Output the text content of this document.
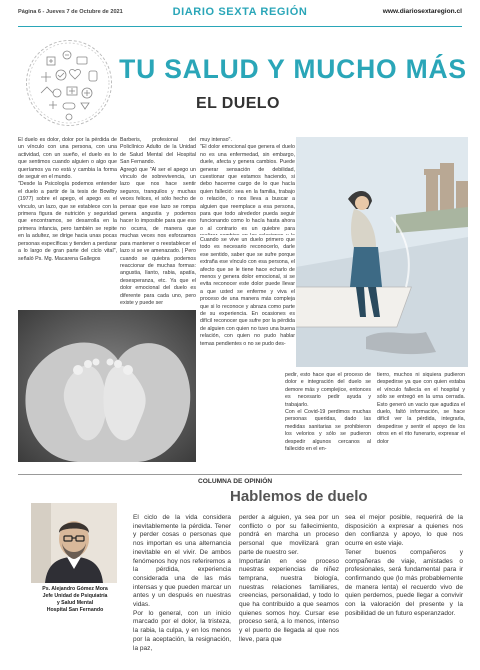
Página 6 - Jueves 7 de Octubre de 2021	DIARIO SEXTA REGIÓN	www.diariosextaregion.cl
TU SALUD Y MUCHO MÁS
EL DUELO

El duelo es dolor, dolor por la pérdida de un vínculo con una persona, con una actividad, con un sueño, el duelo es lo que sentimos cuando alguien o algo que queríamos ya no está y cambia la forma de seguir en el mundo.
"Desde la Psicología podemos entender el duelo a partir de la tesis de Bowlby (1977) sobre el apego, el apego es el vínculo, un lazo, que se establece con la primera figura de nutrición y seguridad que encontramos, se desarrolla en la primera infancia, pero también se repite en la adultez, se dirige hacia unas pocas personas específicas y tienden a perdurar a lo largo de gran parte del ciclo vital", señaló Ps. Mg. Macarena Gallegos

Barberis, profesional del Policlínico Adulto de la Unidad de Salud Mental del Hospital San Fernando.
Agregó que "Al ser el apego un vínculo de sobrevivencia, un lazo que nos hace sentir seguros, tranquilos y muchas veces felices, el sólo hecho de pensar que ese lazo se rompa genera angustia y podemos hacer lo imposible para que eso no ocurra, de manera que muchas veces nos esforzamos para mantener o reestablecer el lazo si se ve amenazado. | Pero cuando se quiebra podemos reaccionar de muchas formas: angustia, llanto, rabia, apatía, desesperanza, etc. Ya que el dolor emocional del duelo es diferente para cada uno, pero existe y puede ser

muy intenso".
"El dolor emocional que genera el duelo no es una enfermedad, sin embargo, duele, afecta y genera cambios. Puede generar sensación de debilidad, cuestionar que estamos haciendo, si debo hacerme cargo de lo que hacía quien falleció: sea en la familia, trabajo o relación, o nos lleva a buscar a alguien que reemplace a esa persona, para que todo alrededor pueda seguir funcionando como lo hacía hasta ahora o al contrario es un quiebre para

Cuando se vive un duelo primero que todo es necesario reconocerlo, darle ese sentido, saber que se sufre porque extraña ese vínculo con esa persona, el afecto que se le tiene hace echarlo de menos y genera dolor emocional, si se evita reconocer este dolor puede llevar a que usted se enferme y viva el proceso de una manera más compleja que si lo reconoce y abraza como parte de su experiencia. En ocasiones es difícil reconocer que sufre por la pérdida de alguien con quien no tuvo una buena relación, con quien no pudo hablar temas pendientes o no se pudo des-

pedir, esto hace que el proceso de dolor e integración del duelo se demore más y complejice, entonces es necesario pedir ayuda y trabajarlo.
Con el Covid-19 perdimos muchas personas queridas, dado las medidas sanitarias se prohibieron los velorios y sólo se pudieron despedir algunos cercanos al fallecido en el en-

tierro, muchos ni siquiera pudieron despedirse ya que con quien estaba el vínculo fallecía en el hospital y sólo se entregó en la urna cerrada. Esto generó un vacío que agudiza el duelo, faltó información, se hace difícil ver la pérdida, integrarla, despedirse y sentir el apoyo de los otros en el rito funerario, expresar el dolor

COLUMNA DE OPINIÓN
Hablemos de duelo
Ps. Alejandro Gómez Mora
Jefe Unidad de Psiquiatría
y Salud Mental
Hospital San Fernando

El ciclo de la vida considera inevitablemente la pérdida. Tener y perder cosas o personas que nos importan es una alternancia inevitable en el vivir. De ambos fenómenos hoy nos referiremos a la pérdida, experiencia considerada una de las más intensas y que pueden marcar un antes y un después en nuestras vidas.
Por lo general, con un inicio marcado por el dolor, la tristeza, la rabia, la culpa, y en los menos por la aceptación, la resignación, la paz,

perder a alguien, ya sea por un conflicto o por su fallecimiento, pondrá en marcha un proceso personal que movilizará gran parte de nuestro ser.
Importarán en ese proceso nuestras experiencias de niñez temprana, nuestra biología, nuestras relaciones familiares, creencias, personalidad, y todo lo que ha contribuido a que seamos quienes somos hoy. Cursar ese proceso será, a lo menos, intenso y el puerto de llegada al que nos lleve, para que

sea el mejor posible, requerirá de la disposición a expresar a quienes nos den confianza y apoyo, lo que nos ocurre en este viaje.
Tener buenos compañeros y compañeras de viaje, amistades o profesionales, será fundamental para ir confirmando que (lo más probablemente de manera lenta) el recuerdo vivo de quien perdemos, puede llegar a convivir con la valoración del presente y la posibilidad de un futuro esperanzador.
